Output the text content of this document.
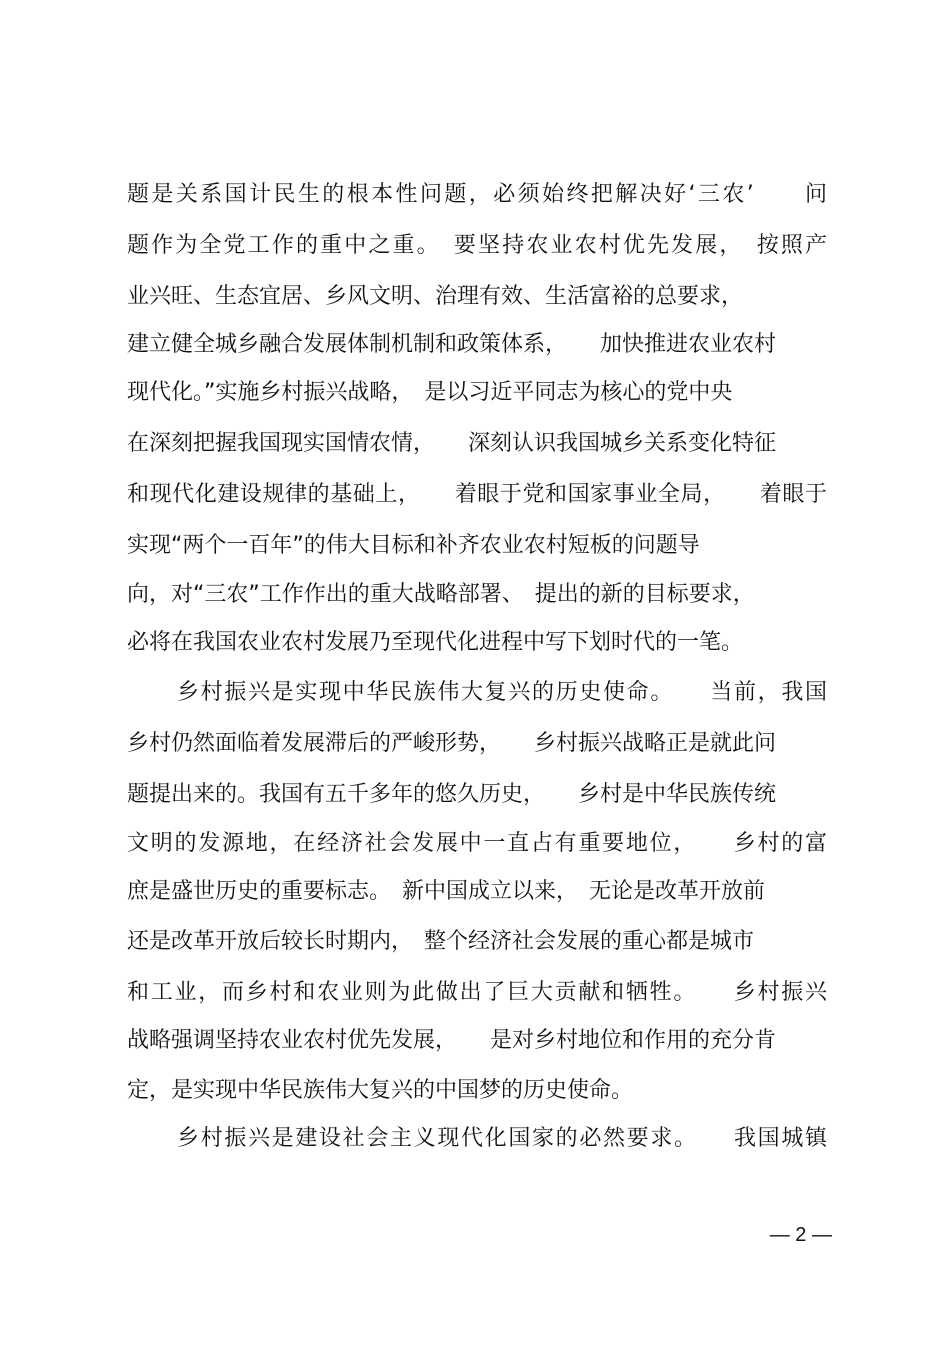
题是关系国计民生的根本性问题，必须始终把解决好‘三农’　　问

题作为全党工作的重中之重。　要坚持农业农村优先发展，　按照产

业兴旺、生态宜居、乡风文明、治理有效、生活富裕的总要求，

建立健全城乡融合发展体制机制和政策体系，　　加快推进农业农村

现代化。”实施乡村振兴战略，　是以习近平同志为核心的党中央

在深刻把握我国现实国情农情，　　深刻认识我国城乡关系变化特征

和现代化建设规律的基础上，　　着眼于党和国家事业全局，　　着眼于

实现“两个一百年”的伟大目标和补齐农业农村短板的问题导

向，对“三农”工作作出的重大战略部署、　提出的新的目标要求，

必将在我国农业农村发展乃至现代化进程中写下划时代的一笔。

乡村振兴是实现中华民族伟大复兴的历史使命。　　当前，我国

乡村仍然面临着发展滞后的严峻形势，　　乡村振兴战略正是就此问

题提出来的。我国有五千多年的悠久历史，　　乡村是中华民族传统

文明的发源地，在经济社会发展中一直占有重要地位，　　乡村的富

庶是盛世历史的重要标志。　新中国成立以来，　无论是改革开放前

还是改革开放后较长时期内，　整个经济社会发展的重心都是城市

和工业，而乡村和农业则为此做出了巨大贡献和牺牲。　　乡村振兴

战略强调坚持农业农村优先发展，　　是对乡村地位和作用的充分肯

定，是实现中华民族伟大复兴的中国梦的历史使命。

乡村振兴是建设社会主义现代化国家的必然要求。　　我国城镇

— 2 —
